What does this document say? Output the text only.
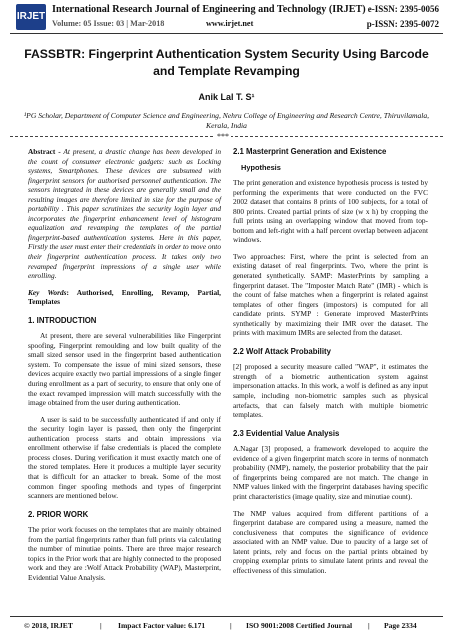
IRJET
International Research Journal of Engineering and Technology (IRJET) e-ISSN: 2395-0056
Volume: 05 Issue: 03 | Mar-2018	www.irjet.net	p-ISSN: 2395-0072
FASSBTR: Fingerprint Authentication System Security Using Barcode and Template Revamping
Anik Lal T. S¹
¹PG Scholar, Department of Computer Science and Engineering, Nehru College of Engineering and Research Centre, Thiruvilamala, Kerala, India
***

Abstract - At present, a drastic change has been developed in the count of consumer electronic gadgets: such as Locking systems, Smartphones. These devices are subsumed with fingerprint sensors for authorised personnel authentication. The sensors integrated in these devices are generally small and the resulting images are therefore limited in size for the purpose of portability . This paper scrutinizes the security login layer and incorporates the fingerprint enhancement level of histogram equalization and revamping the templates of the partial fingerprint-based authentication systems. Here in this paper, Firstly the user must enter their credentials in order to move onto their fingerprint authentication process. It takes only two revamped fingerprint impressions of a single user while enrolling.

Key Words: Authorised, Enrolling, Revamp, Partial, Templates

1. INTRODUCTION

At present, there are several vulnerabilities like Fingerprint spoofing, Fingerprint remoulding and low built quality of the small sized sensor used in the fingerprint based authentication system. To compensate the issue of mini sized sensors, these devices acquire exactly two partial impressions of a single finger during enrollment as a part of security, to ensure that only one of the exact revamped impression will match successfully with the image obtained from the user during authentication.

A user is said to be successfully authenticated if and only if the security login layer is passed, then only the fingerprint authentication process starts and obtain impressions via enrollment otherwise if false credentials is placed the complete process closes. During verification it must exactly match one of the stored templates. Here it produces a multiple layer security that is difficult for an attacker to break. Some of the most common finger spoofing methods and types of fingerprint scanners are mentioned below.

2. PRIOR WORK

The prior work focuses on the templates that are mainly obtained from the partial fingerprints rather than full prints via calculating the number of minutiae points. There are three major research topics in the Prior work that are highly connected to the proposed work and they are :Wolf Attack Probability (WAP), Masterprint, Evidential Value Analysis.

2.1 Masterprint Generation and Existence
Hypothesis

The print generation and existence hypothesis process is tested by performing the experiments that were conducted on the FVC 2002 dataset that contains 8 prints of 100 subjects, for a total of 800 prints. Created partial prints of size (w x h) by cropping the full prints using an overlapping window that moved from top-bottom and left-right with a half percent overlap between adjacent windows.

Two approaches: First, where the print is selected from an existing dataset of real fingerprints. Two, where the print is generated synthetically. SAMP: MasterPrints by sampling a fingerprint dataset. The "Imposter Match Rate" (IMR) - which is the count of false matches when a fingerprint is related against templates of other fingers (impostors) is computed for all candidate prints. SYMP : Generate improved MasterPrints synthetically by maximizing their IMR over the dataset. The prints with maximum IMRs are selected from the dataset.

2.2 Wolf Attack Probability

[2] proposed a security measure called "WAP", it estimates the strength of a biometric authentication system against impersonation attacks. In this work, a wolf is defined as any input sample, including non-biometric samples such as physical artefacts, that can falsely match with multiple biometric templates.

2.3 Evidential Value Analysis

A.Nagar [3] proposed, a framework developed to acquire the evidence of a given fingerprint match score in terms of nonmatch probability (NMP), namely, the posterior probability that the pair of fingerprints being compared are not match. The change in NMP values linked with the fingerprint databases having specific print characteristics (image quality, size and minutiae count).

The NMP values acquired from different partitions of a fingerprint database are compared using a measure, named the conclusiveness that computes the significance of evidence associated with an NMP value. Due to paucity of a large set of latent prints, rely and focus on the partial prints obtained by cropping exemplar prints to simulate latent prints and reveal the effectiveness of this simulation.

© 2018, IRJET	| Impact Factor value: 6.171	| ISO 9001:2008 Certified Journal | Page 2334
